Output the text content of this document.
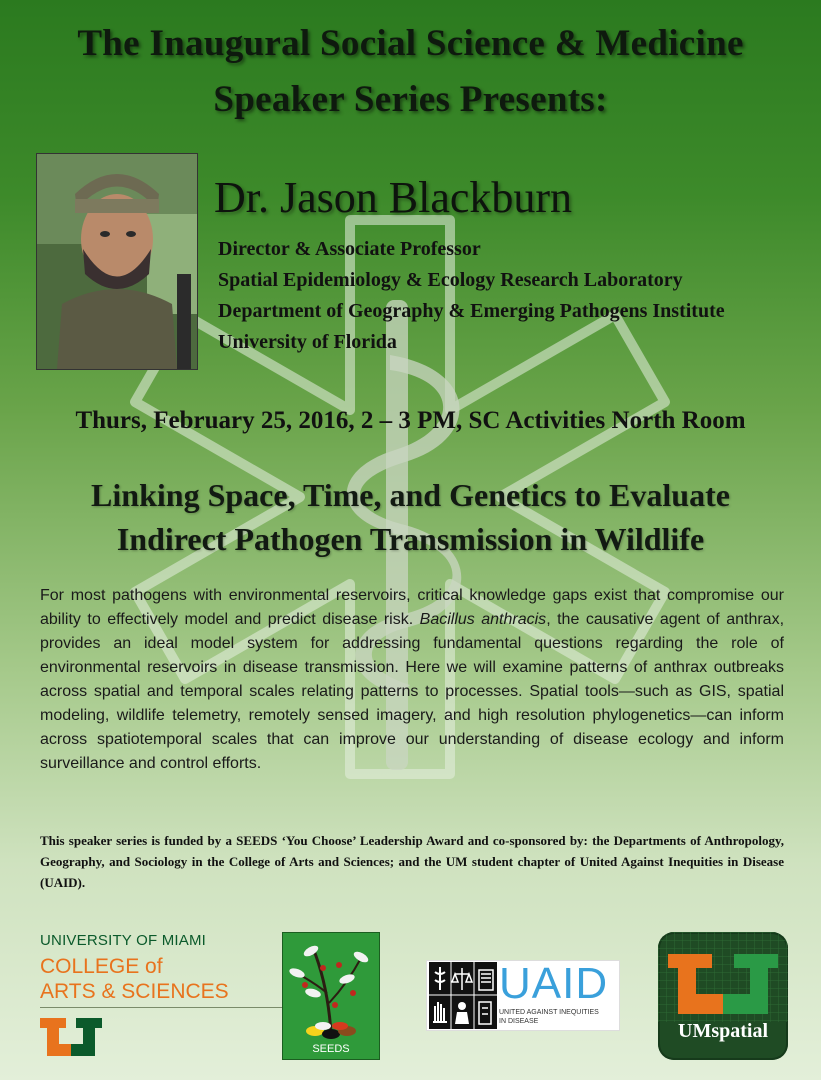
The Inaugural Social Science & Medicine
Speaker Series Presents:
Dr. Jason Blackburn
Director & Associate Professor
Spatial Epidemiology & Ecology Research Laboratory
Department of Geography & Emerging Pathogens Institute
University of Florida
Thurs, February 25, 2016, 2 – 3 PM, SC Activities North Room
Linking Space, Time, and Genetics to Evaluate
Indirect Pathogen Transmission in Wildlife
For most pathogens with environmental reservoirs, critical knowledge gaps exist that compromise our ability to effectively model and predict disease risk. Bacillus anthracis, the causative agent of anthrax, provides an ideal model system for addressing fundamental questions regarding the role of environmental reservoirs in disease transmission. Here we will examine patterns of anthrax outbreaks across spatial and temporal scales relating patterns to processes. Spatial tools—such as GIS, spatial modeling, wildlife telemetry, remotely sensed imagery, and high resolution phylogenetics—can inform across spatiotemporal scales that can improve our understanding of disease ecology and inform surveillance and control efforts.
This speaker series is funded by a SEEDS ‘You Choose’ Leadership Award and co-sponsored by: the Departments of Anthropology, Geography, and Sociology in the College of Arts and Sciences; and the UM student chapter of United Against Inequities in Disease (UAID).
UNIVERSITY OF MIAMI
COLLEGE of
ARTS & SCIENCES
SEEDS
UAID
UNITED AGAINST INEQUITIES
IN DISEASE	UMspatial
